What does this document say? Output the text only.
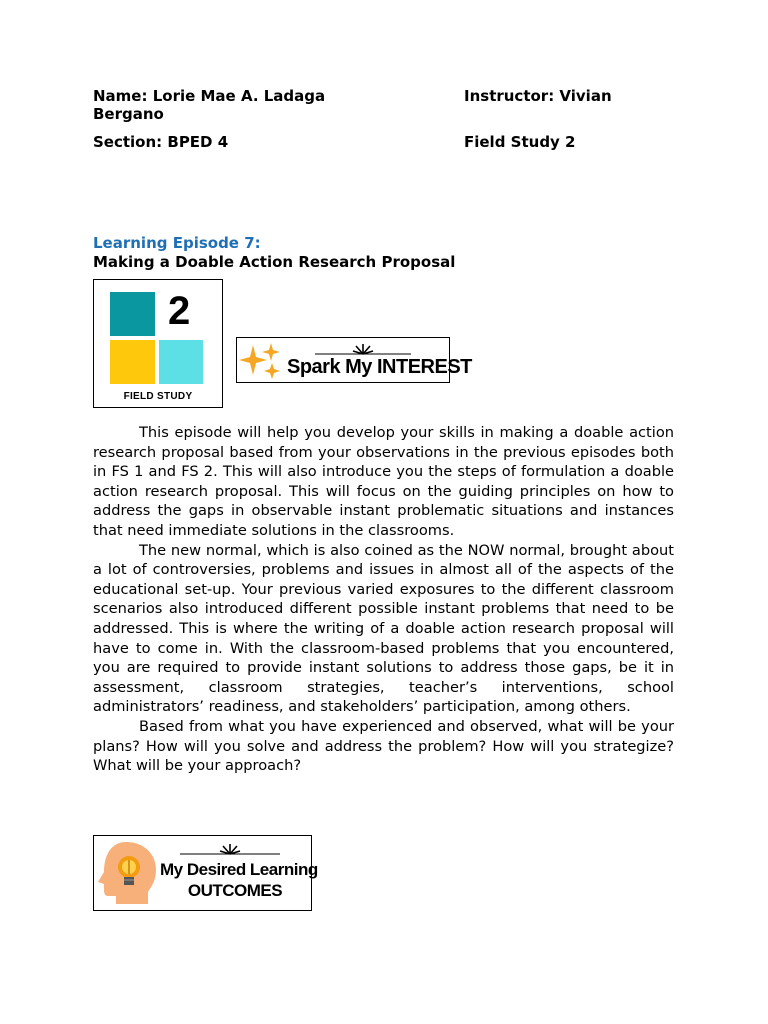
Name: Lorie Mae A. Ladaga	Instructor: Vivian
Bergano
Section: BPED 4	Field Study 2
Learning Episode 7:
Making a Doable Action Research Proposal
2
FIELD STUDY
Spark My INTEREST

This episode will help you develop your skills in making a doable action research proposal based from your observations in the previous episodes both in FS 1 and FS 2. This will also introduce you the steps of formulation a doable action research proposal. This will focus on the guiding principles on how to address the gaps in observable instant problematic situations and instances that need immediate solutions in the classrooms.

The new normal, which is also coined as the NOW normal, brought about a lot of controversies, problems and issues in almost all of the aspects of the educational set-up. Your previous varied exposures to the different classroom scenarios also introduced different possible instant problems that need to be addressed. This is where the writing of a doable action research proposal will have to come in. With the classroom-based problems that you encountered, you are required to provide instant solutions to address those gaps, be it in assessment, classroom strategies, teacher’s interventions, school administrators’ readiness, and stakeholders’ participation, among others.

Based from what you have experienced and observed, what will be your plans? How will you solve and address the problem? How will you strategize? What will be your approach?

My Desired Learning
OUTCOMES
